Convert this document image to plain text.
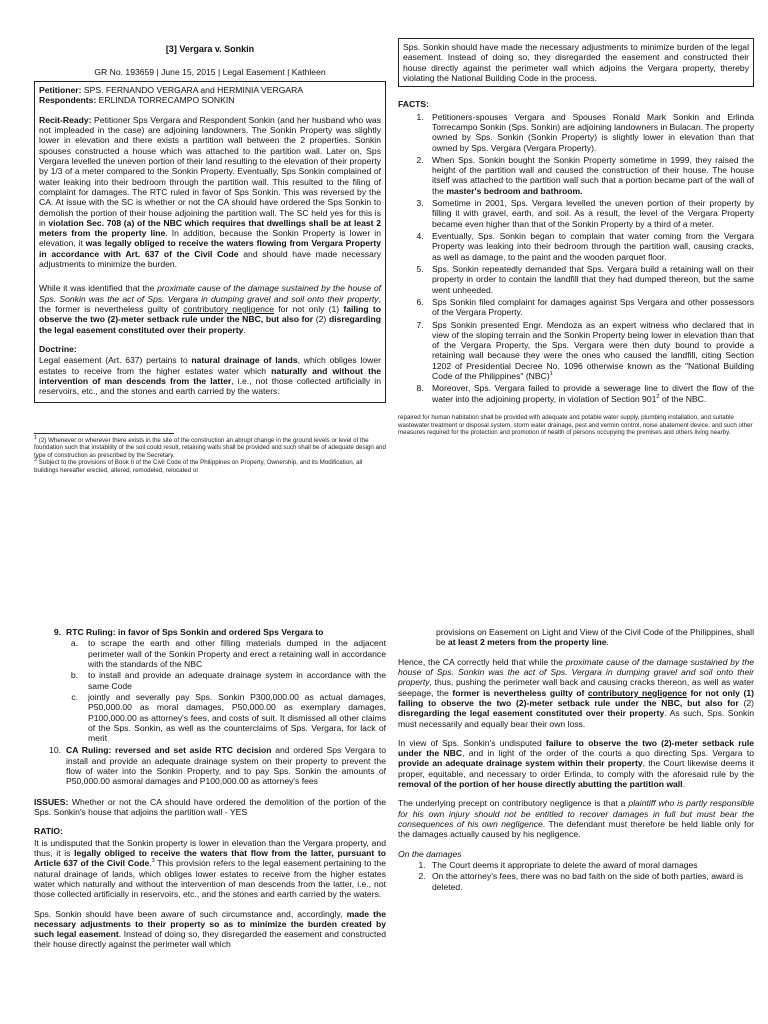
[3] Vergara v. Sonkin
GR No. 193659 | June 15, 2015 | Legal Easement | Kathleen
Petitioner: SPS. FERNANDO VERGARA and HERMINIA VERGARA
Respondents: ERLINDA TORRECAMPO SONKIN

Recit-Ready: Petitioner Sps Vergara and Respondent Sonkin (and her husband who was not impleaded in the case) are adjoining landowners. The Sonkin Property was slightly lower in elevation and there exists a partition wall between the 2 properties. Sonkin spouses constructed a house which was attached to the partition wall. Later on, Sps Vergara levelled the uneven portion of their land resulting to the elevation of their property by 1/3 of a meter compared to the Sonkin Property. Eventually, Sps Sonkin complained of water leaking into their bedroom through the partition wall. This resulted to the filing of complaint for damages. The RTC ruled in favor of Sps Sonkin. This was reversed by the CA. At issue with the SC is whether or not the CA should have ordered the Sps Sonkin to demolish the portion of their house adjoining the partition wall. The SC held yes for this is in violation Sec. 708 (a) of the NBC which requires that dwellings shall be at least 2 meters from the property line. In addition, because the Sonkin Property is lower in elevation, it was legally obliged to receive the waters flowing from Vergara Property in accordance with Art. 637 of the Civil Code and should have made necessary adjustments to minimize the burden.

While it was identified that the proximate cause of the damage sustained by the house of Sps. Sonkin was the act of Sps. Vergara in dumping gravel and soil onto their property, the former is nevertheless guilty of contributory negligence for not only (1) failing to observe the two (2)-meter setback rule under the NBC, but also for (2) disregarding the legal easement constituted over their property.

Doctrine:

Legal easement (Art. 637) pertains to natural drainage of lands, which obliges lower estates to receive from the higher estates water which naturally and without the intervention of man descends from the latter, i.e., not those collected artificially in reservoirs, etc., and the stones and earth carried by the waters.

$^1$ (2) Whenever or wherever there exists in the site of the construction an abrupt change in the ground levels or level of the foundation such that instability of the soil could result, retaining walls shall be provided and such shall be of adequate design and type of construction as prescribed by the Secretary.
$^2$ Subject to the provisions of Book II of the Civil Code of the Philippines on Property, Ownership, and its Modification, all buildings hereafter erected, altered, remodeled, relocated or
Sps. Sonkin should have made the necessary adjustments to minimize burden of the legal easement. Instead of doing so, they disregarded the easement and constructed their house directly against the perimeter wall which adjoins the Vergara property, thereby violating the National Building Code in the process.
FACTS:
1. Petitioners-spouses Vergara and Spouses Ronald Mark Sonkin and Erlinda Torrecampo Sonkin (Sps. Sonkin) are adjoining landowners in Bulacan. The property owned by Sps. Sonkin (Sonkin Property) is slightly lower in elevation than that owned by Sps. Vergara (Vergara Property).
2. When Sps. Sonkin bought the Sonkin Property sometime in 1999, they raised the height of the partition wall and caused the construction of their house. The house itself was attached to the partition wall such that a portion became part of the wall of the master's bedroom and bathroom.
3. Sometime in 2001, Sps. Vergara levelled the uneven portion of their property by filling it with gravel, earth, and soil. As a result, the level of the Vergara Property became even higher than that of the Sonkin Property by a third of a meter.
4. Eventually, Sps. Sonkin began to complain that water coming from the Vergara Property was leaking into their bedroom through the partition wall, causing cracks, as well as damage, to the paint and the wooden parquet floor.
5. Sps. Sonkin repeatedly demanded that Sps. Vergara build a retaining wall on their property in order to contain the landfill that they had dumped thereon, but the same went unheeded.
6. Sps Sonkin filed complaint for damages against Sps Vergara and other possessors of the Vergara Property.
7. Sps Sonkin presented Engr. Mendoza as an expert witness who declared that in view of the sloping terrain and the Sonkin Property being lower in elevation than that of the Vergara Property, the Sps. Vergara were then duty bound to provide a retaining wall because they were the ones who caused the landfill, citing Section 1202 of Presidential Decree No. 1096 otherwise known as the "National Building Code of the Philippines" (NBC)$^1$
8. Moreover, Sps. Vergara failed to provide a sewerage line to divert the flow of the water into the adjoining property, in violation of Section $901^2$ of the NBC.
repaired for human habitation shall be provided with adequate and potable water supply, plumbing installation, and suitable wastewater treatment or disposal system, storm water drainage, pest and vermin control, noise abatement device, and such other measures required for the protection and promotion of health of persons occupying the premises and others living nearby.
9. RTC Ruling: in favor of Sps Sonkin and ordered Sps Vergara to
a.	to scrape the earth and other filling materials dumped in the adjacent perimeter wall of the Sonkin Property and erect a retaining wall in accordance with the standards of the NBC
b.	to install and provide an adequate drainage system in accordance with the same Code
c.	jointly and severally pay Sps. Sonkin P300,000.00 as actual damages, P50,000.00 as moral damages, P50,000.00 as exemplary damages, P100,000.00 as attorney's fees, and costs of suit. It dismissed all other claims of the Sps. Sonkin, as well as the counterclaims of Sps. Vergara, for lack of merit
10. CA Ruling: reversed and set aside RTC decision and ordered Sps Vergara to install and provide an adequate drainage system on their property to prevent the flow of water into the Sonkin Property, and to pay Sps. Sonkin the amounts of P50,000.00 asmoral damages and P100,000.00 as attorney's fees

ISSUES: Whether or not the CA should have ordered the demolition of the portion of the Sps. Sonkin's house that adjoins the partition wall - YES

RATIO:

It is undisputed that the Sonkin property is lower in elevation than the Vergara property, and thus, it is legally obliged to receive the waters that flow from the latter, pursuant to Article 637 of the Civil Code.$^3$ This provision refers to the legal easement pertaining to the natural drainage of lands, which obliges lower estates to receive from the higher estates water which naturally and without the intervention of man descends from the latter, i.e., not those collected artificially in reservoirs, etc., and the stones and earth carried by the waters.

Sps. Sonkin should have been aware of such circumstance and, accordingly, made the necessary adjustments to their property so as to minimize the burden created by such legal easement. Instead of doing so, they disregarded the easement and constructed their house directly against the perimeter wall which

provisions on Easement on Light and View of the Civil Code of the Philippines, shall be at least 2 meters from the property line.

Hence, the CA correctly held that while the proximate cause of the damage sustained by the house of Sps. Sonkin was the act of Sps. Vergara in dumping gravel and soil onto their property, thus, pushing the perimeter wall back and causing cracks thereon, as well as water seepage, the former is nevertheless guilty of contributory negligence for not only (1) failing to observe the two (2)-meter setback rule under the NBC, but also for (2) disregarding the legal easement constituted over their property. As such, Sps. Sonkin must necessarily and equally bear their own loss.

In view of Sps. Sonkin's undisputed failure to observe the two (2)-meter setback rule under the NBC, and in light of the order of the courts a quo directing Sps. Vergara to provide an adequate drainage system within their property, the Court likewise deems it proper, equitable, and necessary to order Erlinda, to comply with the aforesaid rule by the removal of the portion of her house directly abutting the partition wall.

The underlying precept on contributory negligence is that a plaintiff who is partly responsible for his own injury should not be entitled to recover damages in full but must bear the consequences of his own negligence. The defendant must therefore be held liable only for the damages actually caused by his negligence.

On the damages
1. The Court deems it appropriate to delete the award of moral damages
2. On the attorney's fees, there was no bad faith on the side of both parties, award is deleted.
